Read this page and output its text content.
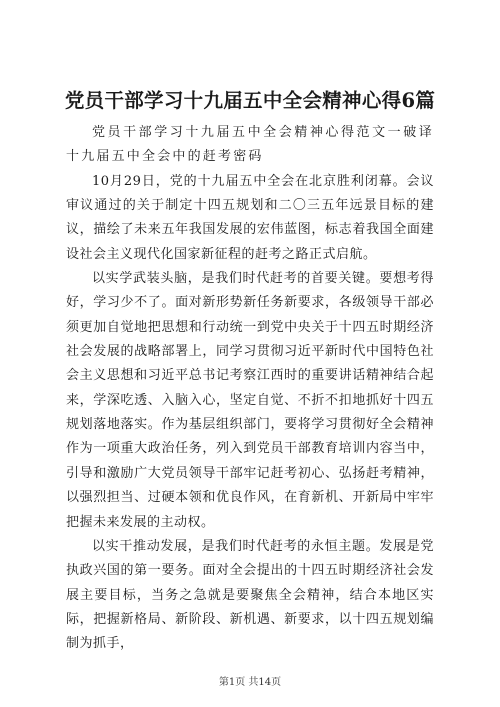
党员干部学习十九届五中全会精神心得6篇

党员干部学习十九届五中全会精神心得范文一破译十九届五中全会中的赶考密码

10月29日，党的十九届五中全会在北京胜利闭幕。会议审议通过的关于制定十四五规划和二〇三五年远景目标的建议，描绘了未来五年我国发展的宏伟蓝图，标志着我国全面建设社会主义现代化国家新征程的赶考之路正式启航。

以实学武装头脑，是我们时代赶考的首要关键。要想考得好，学习少不了。面对新形势新任务新要求，各级领导干部必须更加自觉地把思想和行动统一到党中央关于十四五时期经济社会发展的战略部署上，同学习贯彻习近平新时代中国特色社会主义思想和习近平总书记考察江西时的重要讲话精神结合起来，学深吃透、入脑入心，坚定自觉、不折不扣地抓好十四五规划落地落实。作为基层组织部门，要将学习贯彻好全会精神作为一项重大政治任务，列入到党员干部教育培训内容当中，引导和激励广大党员领导干部牢记赶考初心、弘扬赶考精神，以强烈担当、过硬本领和优良作风，在育新机、开新局中牢牢把握未来发展的主动权。

以实干推动发展，是我们时代赶考的永恒主题。发展是党执政兴国的第一要务。面对全会提出的十四五时期经济社会发展主要目标，当务之急就是要聚焦全会精神，结合本地区实际，把握新格局、新阶段、新机遇、新要求，以十四五规划编制为抓手，

第1页 共14页
